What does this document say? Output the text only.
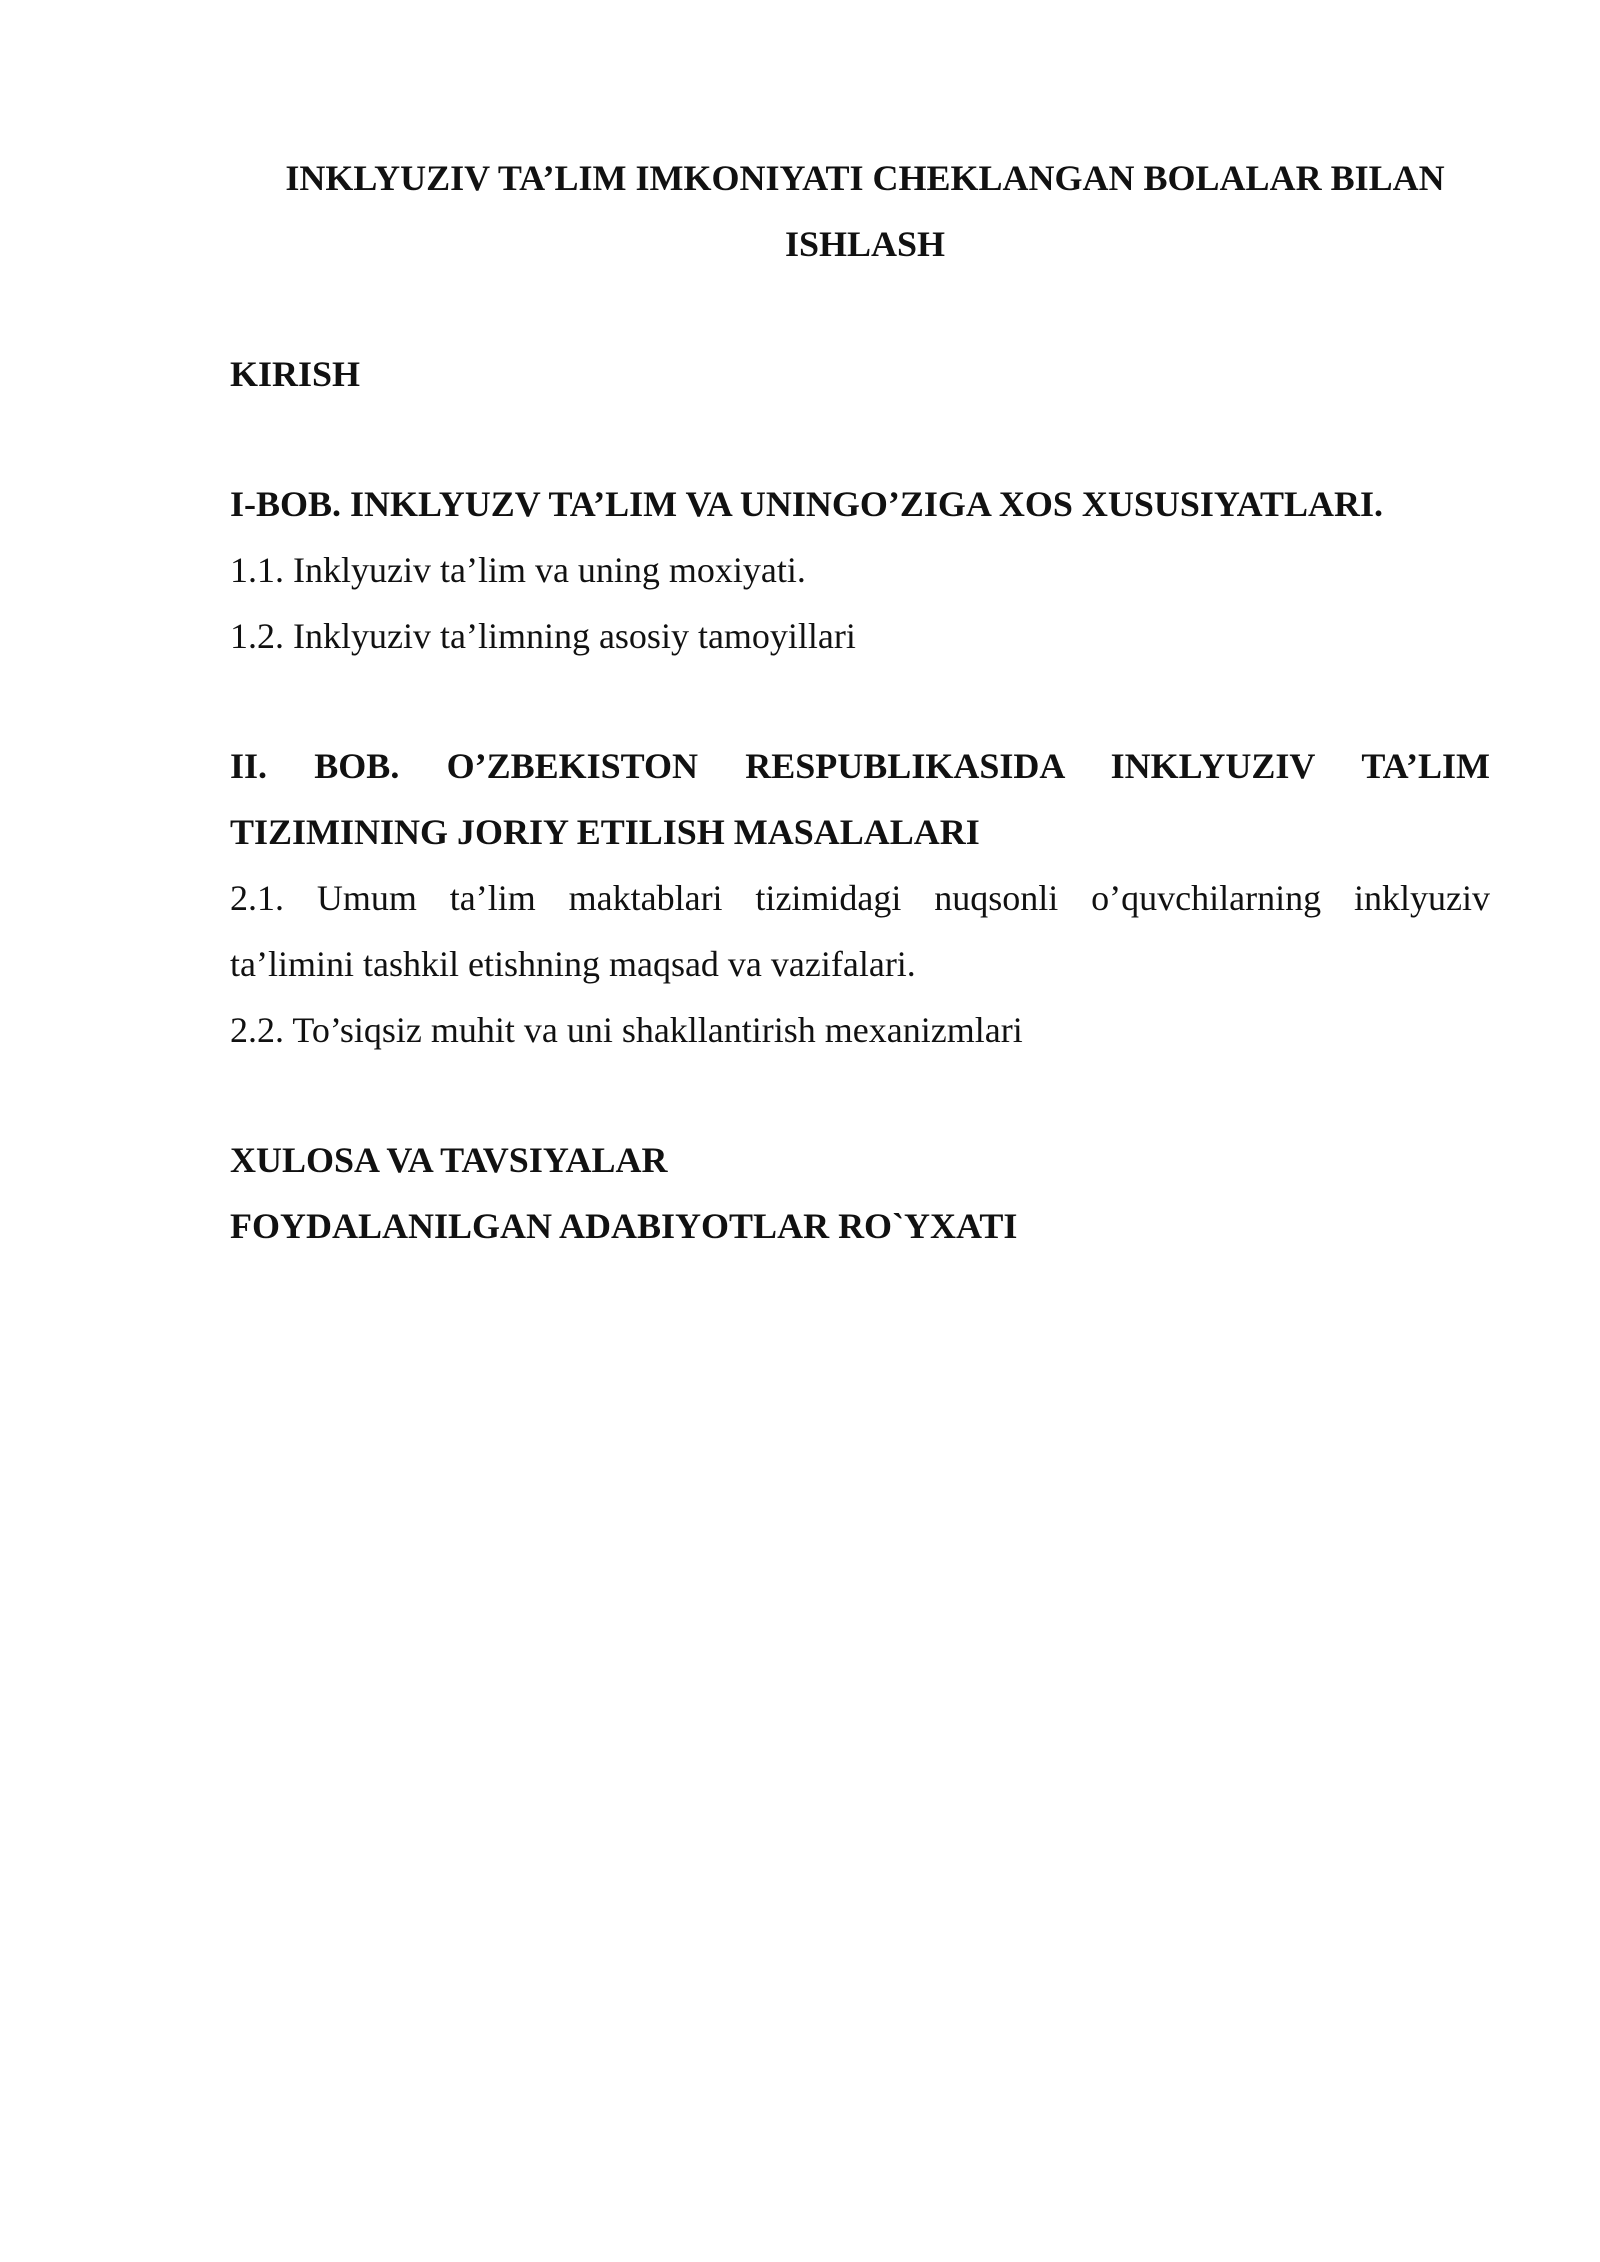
INKLYUZIV TA’LIM IMKONIYATI CHEKLANGAN BOLALAR BILAN
ISHLASH

KIRISH

I-BOB. INKLYUZV TA’LIM VA UNINGO’ZIGA XOS XUSUSIYATLARI.

1.1. Inklyuziv ta’lim va uning moxiyati.

1.2. Inklyuziv ta’limning asosiy tamoyillari

II. BOB. O’ZBEKISTON RESPUBLIKASIDA INKLYUZIV TA’LIM
TIZIMINING JORIY ETILISH MASALALARI

2.1. Umum ta’lim maktablari tizimidagi nuqsonli o’quvchilarning inklyuziv
ta’limini tashkil etishning maqsad va vazifalari.

2.2. To’siqsiz muhit va uni shakllantirish mexanizmlari

XULOSA VA TAVSIYALAR

FOYDALANILGAN ADABIYOTLAR RO`YXATI
